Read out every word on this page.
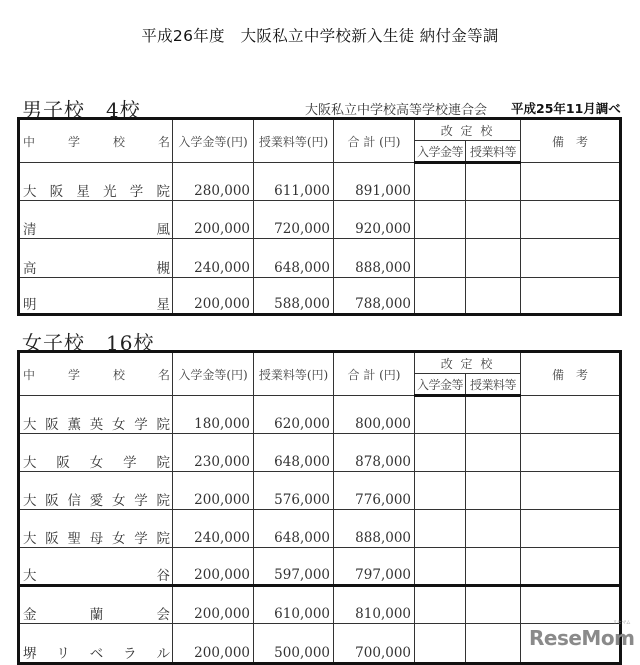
平成26年度　大阪私立中学校新入生徒 納付金等調
男子校　4校	大阪私立中学校高等学校連合会 平成25年11月調べ
中 学 校 名	入学金等(円)	授業料等(円)	合 計 (円)	改 定 校		備　考
				入学金等	授業料等	

大 阪 星 光 学 院	280,000	611,000	891,000			

清 風	200,000	720,000	920,000			

高 槻	240,000	648,000	888,000			

明 星	200,000	588,000	788,000			
女子校　16校
中 学 校 名	入学金等(円)	授業料等(円)	合 計 (円)	改 定 校		備　考
				入学金等	授業料等	

大 阪 薫 英 女 学 院	180,000	620,000	800,000			

大 阪 女 学 院	230,000	648,000	878,000			

大 阪 信 愛 女 学 院	200,000	576,000	776,000			

大 阪 聖 母 女 学 院	240,000	648,000	888,000			

大 谷	200,000	597,000	797,000			

金 蘭 会	200,000	610,000	810,000			

堺 リ ベ ラ ル	200,000	500,000	700,000			
ReseMom
リセマム
